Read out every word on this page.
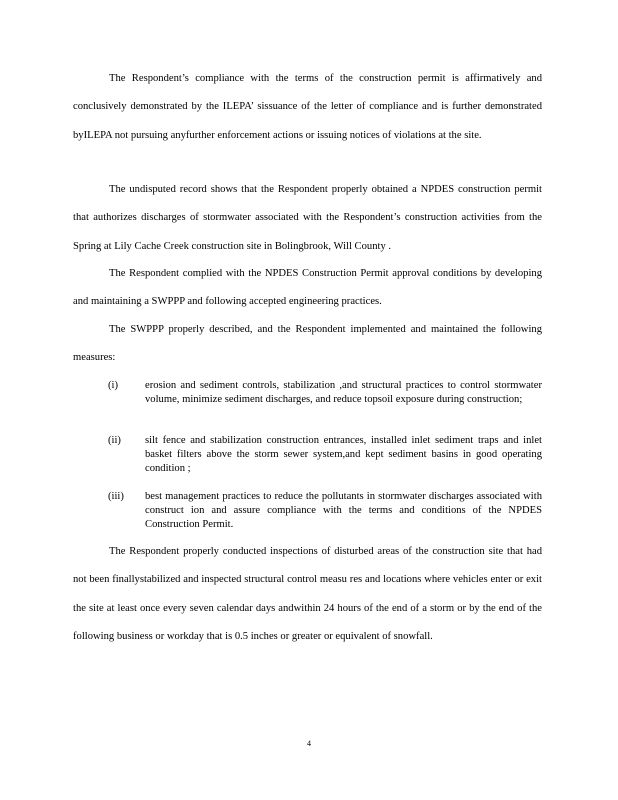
The Respondent’s compliance with the terms of the construction permit is affirmatively and conclusively demonstrated by the ILEPA’ sissuance of the letter of compliance and is further demonstrated byILEPA not pursuing anyfurther enforcement actions or issuing notices of violations at the site.

The undisputed record shows that the Respondent properly obtained a NPDES construction permit that authorizes discharges of stormwater associated with the Respondent’s construction activities from the Spring at Lily Cache Creek construction site in Bolingbrook, Will County .

The Respondent complied with the NPDES Construction Permit approval conditions by developing and maintaining a SWPPP and following accepted engineering practices.

The SWPPP properly described, and the Respondent implemented and maintained the following measures:

(i)	erosion and sediment controls, stabilization ,and structural practices to control stormwater volume, minimize sediment discharges, and reduce topsoil exposure during construction;
(ii)	silt fence and stabilization construction entrances, installed inlet sediment traps and inlet basket filters above the storm sewer system,and kept sediment basins in good operating condition ;
(iii)	best management practices to reduce the pollutants in stormwater discharges associated with construct ion and assure compliance with the terms and conditions of the NPDES Construction Permit.

The Respondent properly conducted inspections of disturbed areas of the construction site that had not been finallystabilized and inspected structural control measu res and locations where vehicles enter or exit the site at least once every seven calendar days andwithin 24 hours of the end of a storm or by the end of the following business or workday that is 0.5 inches or greater or equivalent of snowfall.

4
